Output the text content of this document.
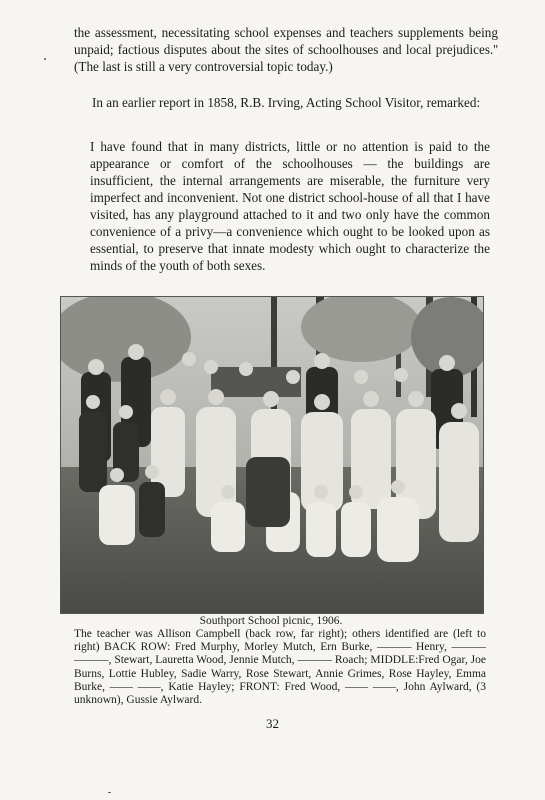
the assessment, necessitating school expenses and teachers supplements being unpaid; factious disputes about the sites of schoolhouses and local prejudices.'' (The last is still a very controversial topic today.)

In an earlier report in 1858, R.B. Irving, Acting School Visitor, remarked:

I have found that in many districts, little or no attention is paid to the appearance or comfort of the schoolhouses — the buildings are insufficient, the internal arrangements are miserable, the furniture very imperfect and inconvenient. Not one district school-house of all that I have visited, has any playground attached to it and two only have the common convenience of a privy—a convenience which ought to be looked upon as essential, to preserve that innate modesty which ought to characterize the minds of the youth of both sexes.

Southport School picnic, 1906.

The teacher was Allison Campbell (back row, far right); others identified are (left to right) BACK ROW: Fred Murphy, Morley Mutch, Ern Burke, ——— Henry, ——— ———, Stewart, Lauretta Wood, Jennie Mutch, ——— Roach; MIDDLE:Fred Ogar, Joe Burns, Lottie Hubley, Sadie Warry, Rose Stewart, Annie Grimes, Rose Hayley, Emma Burke, —— ——, Katie Hayley; FRONT: Fred Wood, —— ——, John Aylward, (3 unknown), Gussie Aylward.

32
